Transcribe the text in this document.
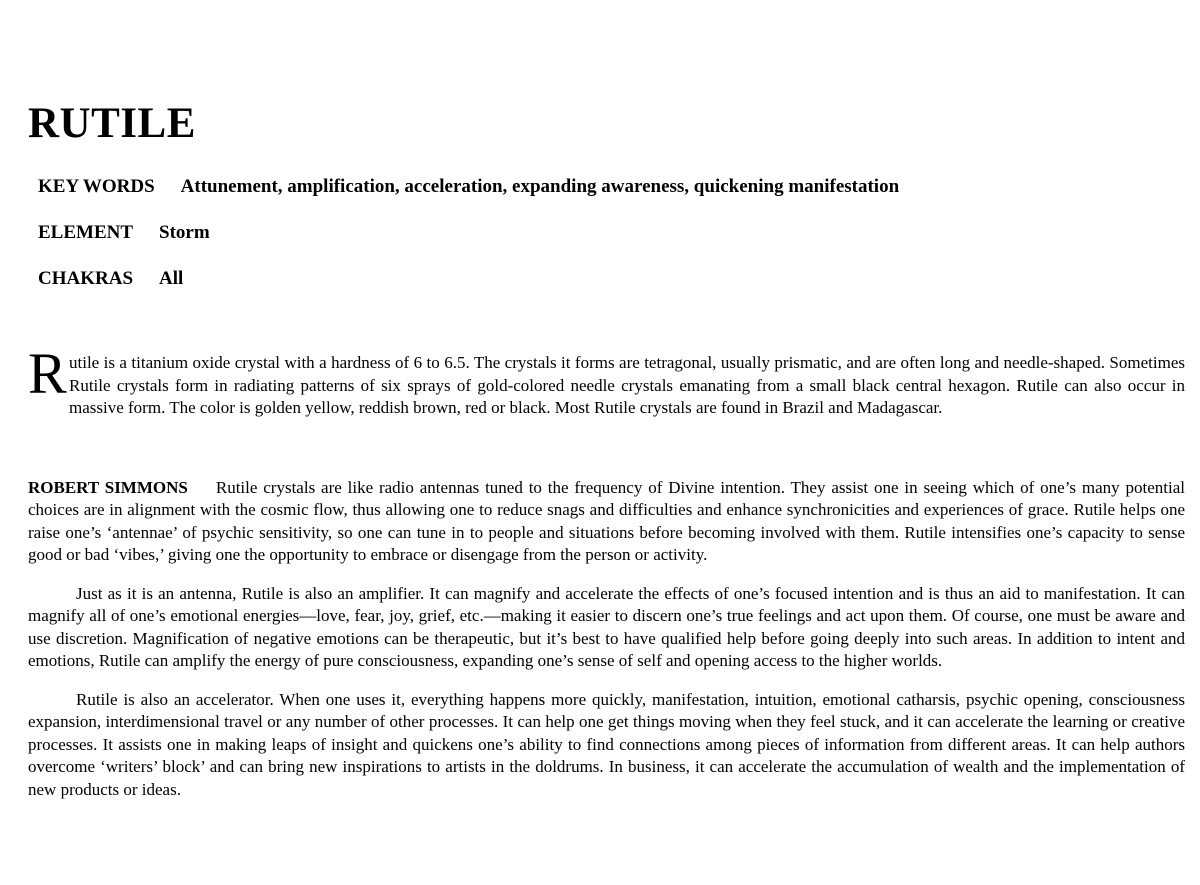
RUTILE
KEY WORDS Attunement, amplification, acceleration, expanding awareness, quickening manifestation
ELEMENT Storm
CHAKRAS All

Rutile is a titanium oxide crystal with a hardness of 6 to 6.5. The crystals it forms are tetragonal, usually prismatic, and are often long and needle-shaped. Sometimes Rutile crystals form in radiating patterns of six sprays of gold-colored needle crystals emanating from a small black central hexagon. Rutile can also occur in massive form. The color is golden yellow, reddish brown, red or black. Most Rutile crystals are found in Brazil and Madagascar.

ROBERT SIMMONS Rutile crystals are like radio antennas tuned to the frequency of Divine intention. They assist one in seeing which of one’s many potential choices are in alignment with the cosmic flow, thus allowing one to reduce snags and difficulties and enhance synchronicities and experiences of grace. Rutile helps one raise one’s ‘antennae’ of psychic sensitivity, so one can tune in to people and situations before becoming involved with them. Rutile intensifies one’s capacity to sense good or bad ‘vibes,’ giving one the opportunity to embrace or disengage from the person or activity.

Just as it is an antenna, Rutile is also an amplifier. It can magnify and accelerate the effects of one’s focused intention and is thus an aid to manifestation. It can magnify all of one’s emotional energies—love, fear, joy, grief, etc.—making it easier to discern one’s true feelings and act upon them. Of course, one must be aware and use discretion. Magnification of negative emotions can be therapeutic, but it’s best to have qualified help before going deeply into such areas. In addition to intent and emotions, Rutile can amplify the energy of pure consciousness, expanding one’s sense of self and opening access to the higher worlds.

Rutile is also an accelerator. When one uses it, everything happens more quickly, manifestation, intuition, emotional catharsis, psychic opening, consciousness expansion, interdimensional travel or any number of other processes. It can help one get things moving when they feel stuck, and it can accelerate the learning or creative processes. It assists one in making leaps of insight and quickens one’s ability to find connections among pieces of information from different areas. It can help authors overcome ‘writers’ block’ and can bring new inspirations to artists in the doldrums. In business, it can accelerate the accumulation of wealth and the implementation of new products or ideas.
